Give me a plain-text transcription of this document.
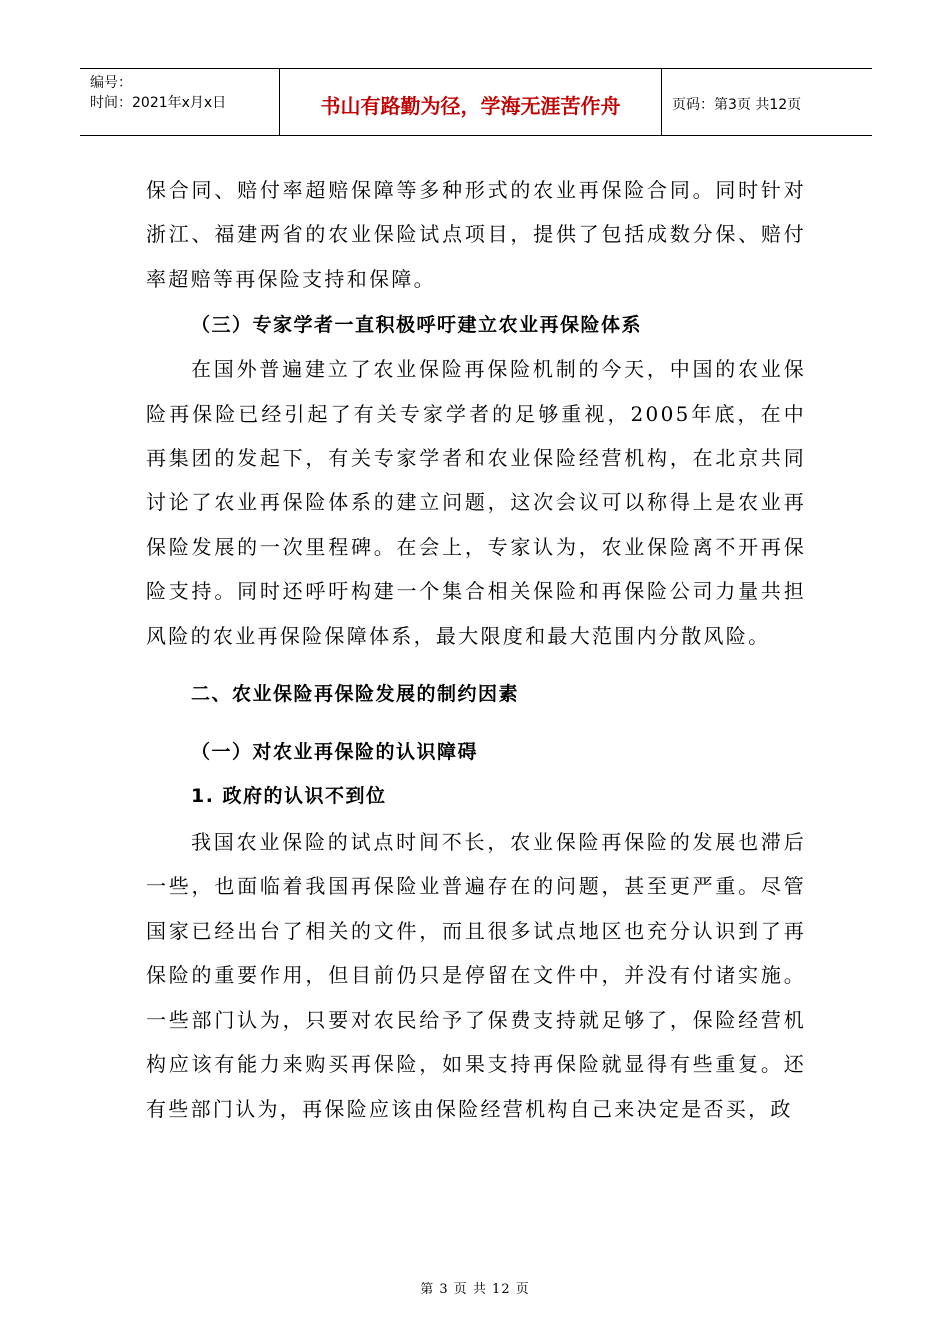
编号：
时间：2021年x月x日	书山有路勤为径，学海无涯苦作舟	页码：第3页 共12页

保合同、赔付率超赔保障等多种形式的农业再保险合同。同时针对浙江、福建两省的农业保险试点项目，提供了包括成数分保、赔付率超赔等再保险支持和保障。

（三）专家学者一直积极呼吁建立农业再保险体系

在国外普遍建立了农业保险再保险机制的今天，中国的农业保险再保险已经引起了有关专家学者的足够重视，2005年底，在中再集团的发起下，有关专家学者和农业保险经营机构，在北京共同讨论了农业再保险体系的建立问题，这次会议可以称得上是农业再保险发展的一次里程碑。在会上，专家认为，农业保险离不开再保险支持。同时还呼吁构建一个集合相关保险和再保险公司力量共担风险的农业再保险保障体系，最大限度和最大范围内分散风险。

二、农业保险再保险发展的制约因素

（一）对农业再保险的认识障碍

1. 政府的认识不到位

我国农业保险的试点时间不长，农业保险再保险的发展也滞后一些，也面临着我国再保险业普遍存在的问题，甚至更严重。尽管国家已经出台了相关的文件，而且很多试点地区也充分认识到了再保险的重要作用，但目前仍只是停留在文件中，并没有付诸实施。一些部门认为，只要对农民给予了保费支持就足够了，保险经营机构应该有能力来购买再保险，如果支持再保险就显得有些重复。还有些部门认为，再保险应该由保险经营机构自己来决定是否买，政

第 3 页 共 12 页
